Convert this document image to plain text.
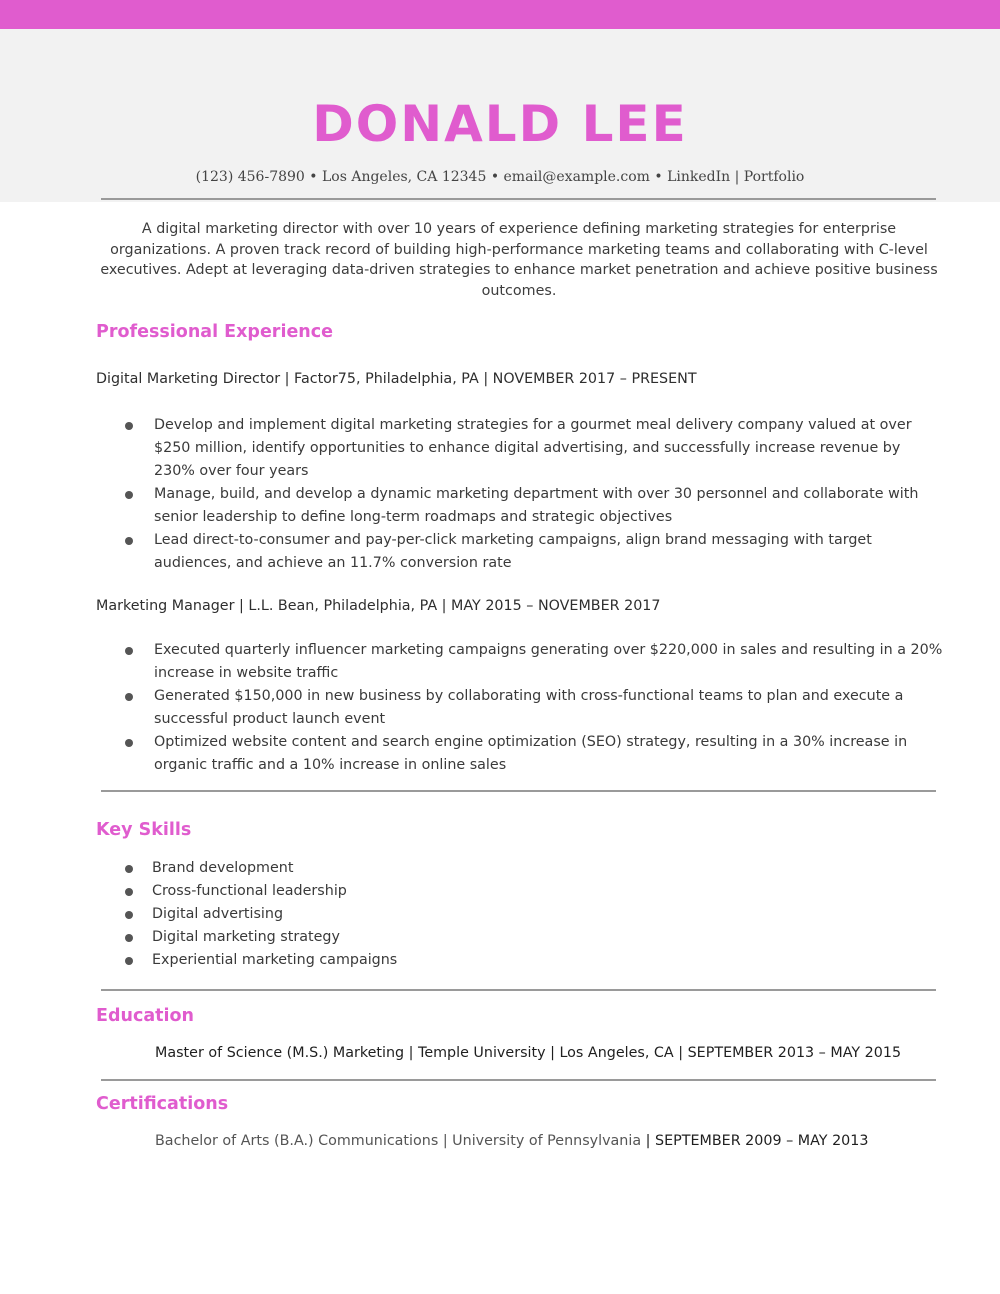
DONALD LEE
(123) 456-7890 • Los Angeles, CA 12345 • email@example.com • LinkedIn | Portfolio

A digital marketing director with over 10 years of experience defining marketing strategies for enterprise organizations. A proven track record of building high-performance marketing teams and collaborating with C-level executives. Adept at leveraging data-driven strategies to enhance market penetration and achieve positive business outcomes.

Professional Experience
Digital Marketing Director | Factor75, Philadelphia, PA | NOVEMBER 2017 – PRESENT
Develop and implement digital marketing strategies for a gourmet meal delivery company valued at over $250 million, identify opportunities to enhance digital advertising, and successfully increase revenue by 230% over four years
Manage, build, and develop a dynamic marketing department with over 30 personnel and collaborate with senior leadership to define long-term roadmaps and strategic objectives
Lead direct-to-consumer and pay-per-click marketing campaigns, align brand messaging with target audiences, and achieve an 11.7% conversion rate
Marketing Manager | L.L. Bean, Philadelphia, PA | MAY 2015 – NOVEMBER 2017
Executed quarterly influencer marketing campaigns generating over $220,000 in sales and resulting in a 20% increase in website traffic
Generated $150,000 in new business by collaborating with cross-functional teams to plan and execute a successful product launch event
Optimized website content and search engine optimization (SEO) strategy, resulting in a 30% increase in organic traffic and a 10% increase in online sales
Key Skills
Brand development
Cross-functional leadership
Digital advertising
Digital marketing strategy
Experiential marketing campaigns
Education
Master of Science (M.S.) Marketing | Temple University | Los Angeles, CA | SEPTEMBER 2013 – MAY 2015
Certifications
Bachelor of Arts (B.A.) Communications | University of Pennsylvania | SEPTEMBER 2009 – MAY 2013
